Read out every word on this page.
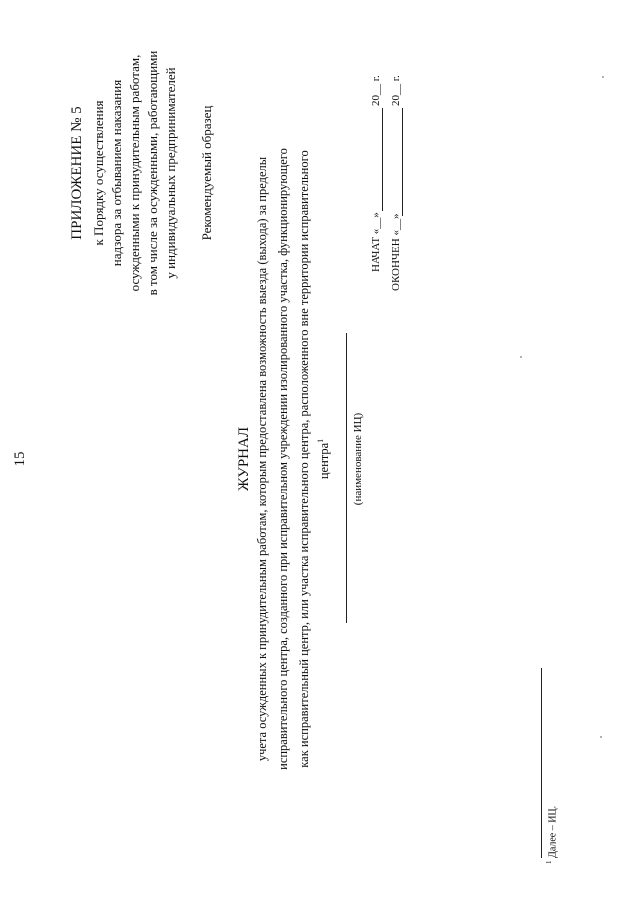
15
ПРИЛОЖЕНИЕ № 5 к Порядку осуществления надзора за отбыванием наказания осужденными к принудительным работам, в том числе за осужденными, работающими у индивидуальных предпринимателей Рекомендуемый образец
ЖУРНАЛ учета осужденных к принудительным работам, которым предоставлена возможность выезда (выхода) за пределы исправительного центра, созданного при исправительном учреждении изолированного участка, функционирующего как исправительный центр, или участка исправительного центра, расположенного вне территории исправительного центра$^1$	(наименование ИЦ)
НАЧАТ «__»
20__ г.
ОКОНЧЕН «__»
20__ г.
$^1$ Далее – ИЦ.
